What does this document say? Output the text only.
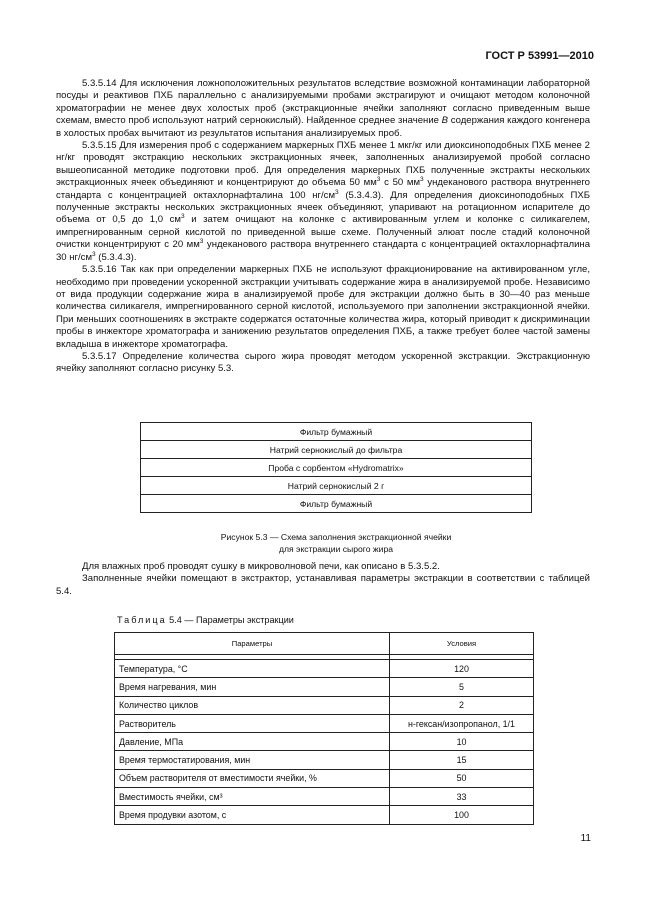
ГОСТ Р 53991—2010

5.3.5.14 Для исключения ложноположительных результатов вследствие возможной контаминации лабораторной посуды и реактивов ПХБ параллельно с анализируемыми пробами экстрагируют и очищают методом колоночной хроматографии не менее двух холостых проб (экстракционные ячейки заполняют согласно приведенным выше схемам, вместо проб используют натрий сернокислый). Найденное среднее значение B содержания каждого конгенера в холостых пробах вычитают из результатов испытания анализируемых проб.

5.3.5.15 Для измерения проб с содержанием маркерных ПХБ менее 1 мкг/кг или диоксиноподобных ПХБ менее 2 нг/кг проводят экстракцию нескольких экстракционных ячеек, заполненных анализируемой пробой согласно вышеописанной методике подготовки проб. Для определения маркерных ПХБ полученные экстракты нескольких экстракционных ячеек объединяют и концентрируют до объема 50 $мм^3$ с 50 $мм^3$ ундеканового раствора внутреннего стандарта с концентрацией октахлорнафталина 100 $нг/см^3$ (5.3.4.3). Для определения диоксиноподобных ПХБ полученные экстракты нескольких экстракционных ячеек объединяют, упаривают на ротационном испарителе до объема от 0,5 до 1,0 $см^3$ и затем очищают на колонке с активированным углем и колонке с силикагелем, импрегнированным серной кислотой по приведенной выше схеме. Полученный элюат после стадий колоночной очистки концентрируют с 20 $мм^3$ ундеканового раствора внутреннего стандарта с концентрацией октахлорнафталина 30 $нг/см^3$ (5.3.4.3).

5.3.5.16 Так как при определении маркерных ПХБ не используют фракционирование на активированном угле, необходимо при проведении ускоренной экстракции учитывать содержание жира в анализируемой пробе. Независимо от вида продукции содержание жира в анализируемой пробе для экстракции должно быть в 30—40 раз меньше количества силикагеля, импрегнированного серной кислотой, используемого при заполнении экстракционной ячейки. При меньших соотношениях в экстракте содержатся остаточные количества жира, который приводит к дискриминации пробы в инжекторе хроматографа и занижению результатов определения ПХБ, а также требует более частой замены вкладыша в инжекторе хроматографа.

5.3.5.17 Определение количества сырого жира проводят методом ускоренной экстракции. Экстракционную ячейку заполняют согласно рисунку 5.3.

Фильтр бумажный
Натрий сернокислый до фильтра
Проба с сорбентом «Hydromatrix»
Натрий сернокислый 2 г
Фильтр бумажный
Рисунок 5.3 — Схема заполнения экстракционной ячейки
для экстракции сырого жира

Для влажных проб проводят сушку в микроволновой печи, как описано в 5.3.5.2.

Заполненные ячейки помещают в экстрактор, устанавливая параметры экстракции в соответствии с таблицей 5.4.

Таблица 5.4 — Параметры экстракции
Параметры	Условия

Температура, °С	120
Время нагревания, мин	5
Количество циклов	2
Растворитель	н-гексан/изопропанол, 1/1
Давление, МПа	10
Время термостатирования, мин	15
Объем растворителя от вместимости ячейки, %	50
Вместимость ячейки, см³	33
Время продувки азотом, с	100
11
